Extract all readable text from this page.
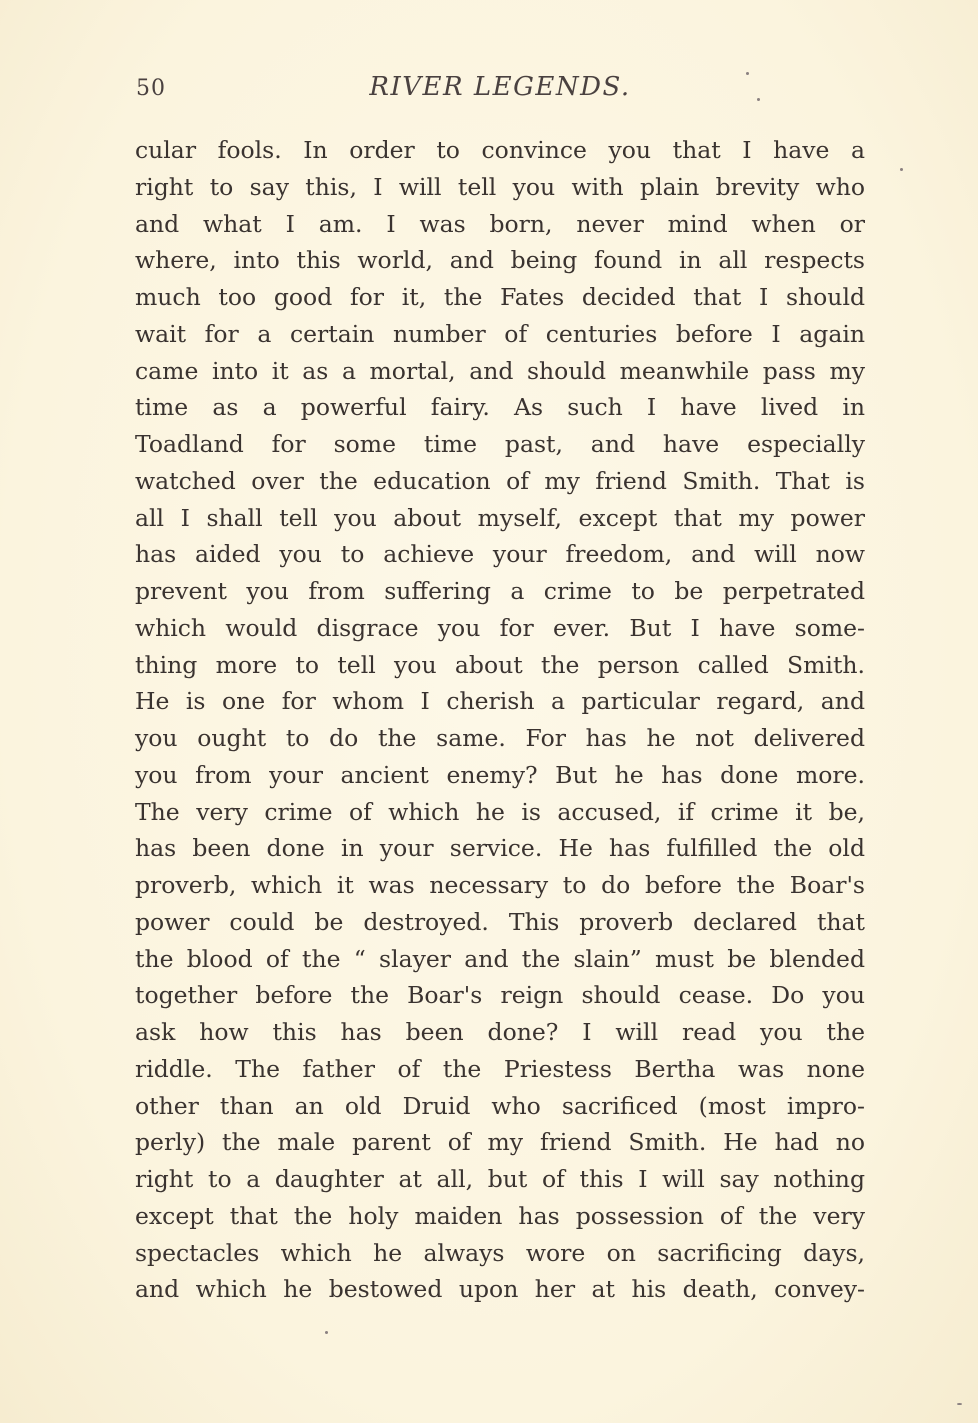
50	RIVER LEGENDS.
cular fools. In order to convince you that I have a
right to say this, I will tell you with plain brevity who
and what I am. I was born, never mind when or
where, into this world, and being found in all respects
much too good for it, the Fates decided that I should
wait for a certain number of centuries before I again
came into it as a mortal, and should meanwhile pass my
time as a powerful fairy. As such I have lived in
Toadland for some time past, and have especially
watched over the education of my friend Smith. That is
all I shall tell you about myself, except that my power
has aided you to achieve your freedom, and will now
prevent you from suffering a crime to be perpetrated
which would disgrace you for ever. But I have some-
thing more to tell you about the person called Smith.
He is one for whom I cherish a particular regard, and
you ought to do the same. For has he not delivered
you from your ancient enemy? But he has done more.
The very crime of which he is accused, if crime it be,
has been done in your service. He has fulfilled the old
proverb, which it was necessary to do before the Boar's
power could be destroyed. This proverb declared that
the blood of the “ slayer and the slain” must be blended
together before the Boar's reign should cease. Do you
ask how this has been done? I will read you the
riddle. The father of the Priestess Bertha was none
other than an old Druid who sacrificed (most impro-
perly) the male parent of my friend Smith. He had no
right to a daughter at all, but of this I will say nothing
except that the holy maiden has possession of the very
spectacles which he always wore on sacrificing days,
and which he bestowed upon her at his death, convey-
